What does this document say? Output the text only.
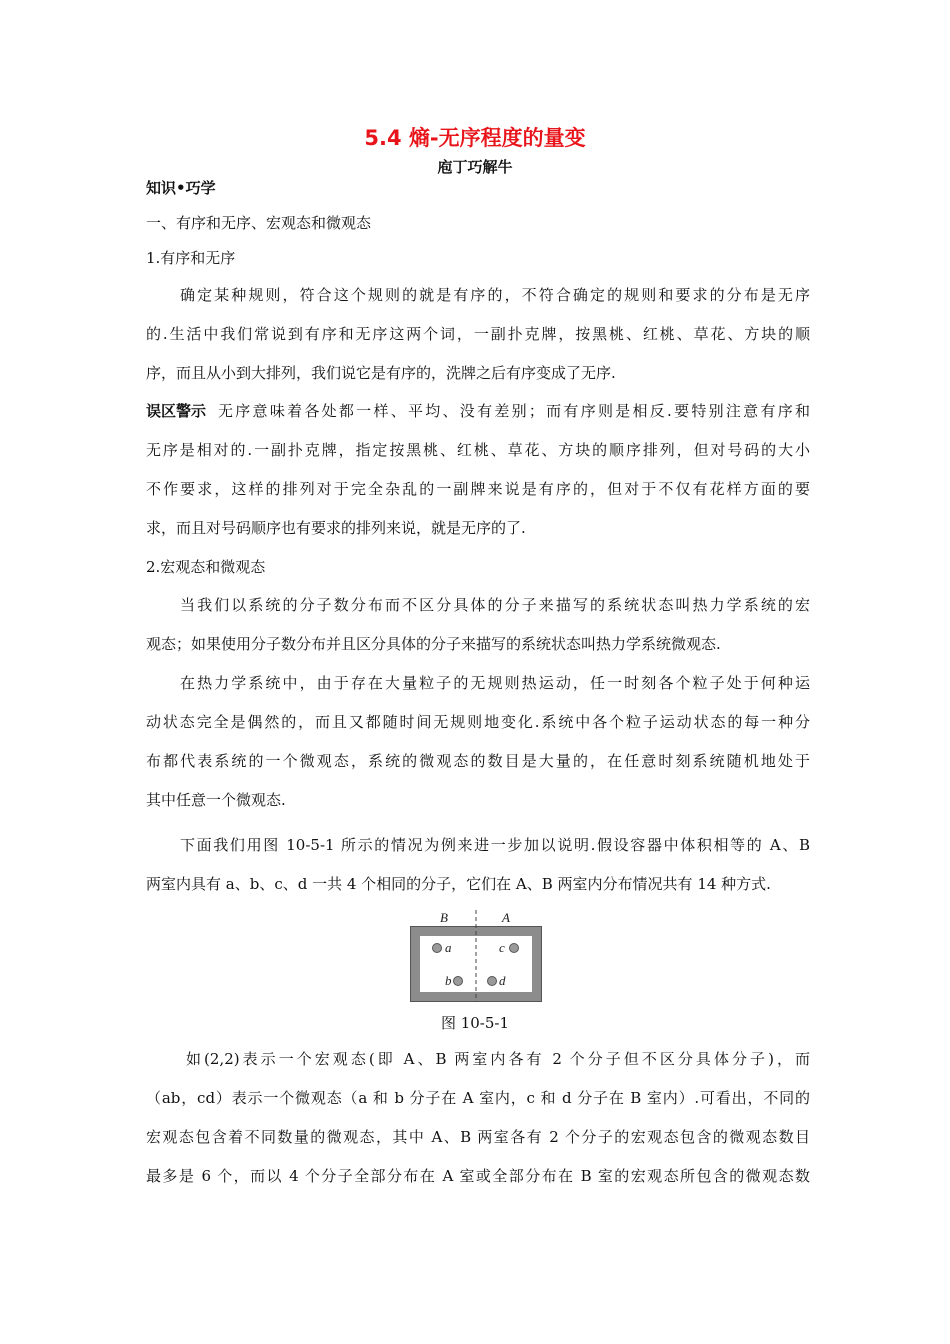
5.4 熵-无序程度的量变
庖丁巧解牛
知识•巧学
一、有序和无序、宏观态和微观态
1.有序和无序
确定某种规则，符合这个规则的就是有序的，不符合确定的规则和要求的分布是无序
的.生活中我们常说到有序和无序这两个词，一副扑克牌，按黑桃、红桃、草花、方块的顺
序，而且从小到大排列，我们说它是有序的，洗牌之后有序变成了无序.
无序意味着各处都一样、平均、没有差别；而有序则是相反.要特别注意有序和
误区警示
无序是相对的.一副扑克牌，指定按黑桃、红桃、草花、方块的顺序排列，但对号码的大小
不作要求，这样的排列对于完全杂乱的一副牌来说是有序的，但对于不仅有花样方面的要
求，而且对号码顺序也有要求的排列来说，就是无序的了.
2.宏观态和微观态
当我们以系统的分子数分布而不区分具体的分子来描写的系统状态叫热力学系统的宏
观态；如果使用分子数分布并且区分具体的分子来描写的系统状态叫热力学系统微观态.
在热力学系统中，由于存在大量粒子的无规则热运动，任一时刻各个粒子处于何种运
动状态完全是偶然的，而且又都随时间无规则地变化.系统中各个粒子运动状态的每一种分
布都代表系统的一个微观态，系统的微观态的数目是大量的，在任意时刻系统随机地处于
其中任意一个微观态.
下面我们用图 10-5-1 所示的情况为例来进一步加以说明.假设容器中体积相等的 A、B
两室内具有 a、b、c、d 一共 4 个相同的分子，它们在 A、B 两室内分布情况共有 14 种方式.
B	A
a
b
c
d
图 10-5-1
如(2,2)表示一个宏观态(即 A、B 两室内各有 2 个分子但不区分具体分子)，而
（ab，cd）表示一个微观态（a 和 b 分子在 A 室内，c 和 d 分子在 B 室内）.可看出，不同的
宏观态包含着不同数量的微观态，其中 A、B 两室各有 2 个分子的宏观态包含的微观态数目
最多是 6 个，而以 4 个分子全部分布在 A 室或全部分布在 B 室的宏观态所包含的微观态数
